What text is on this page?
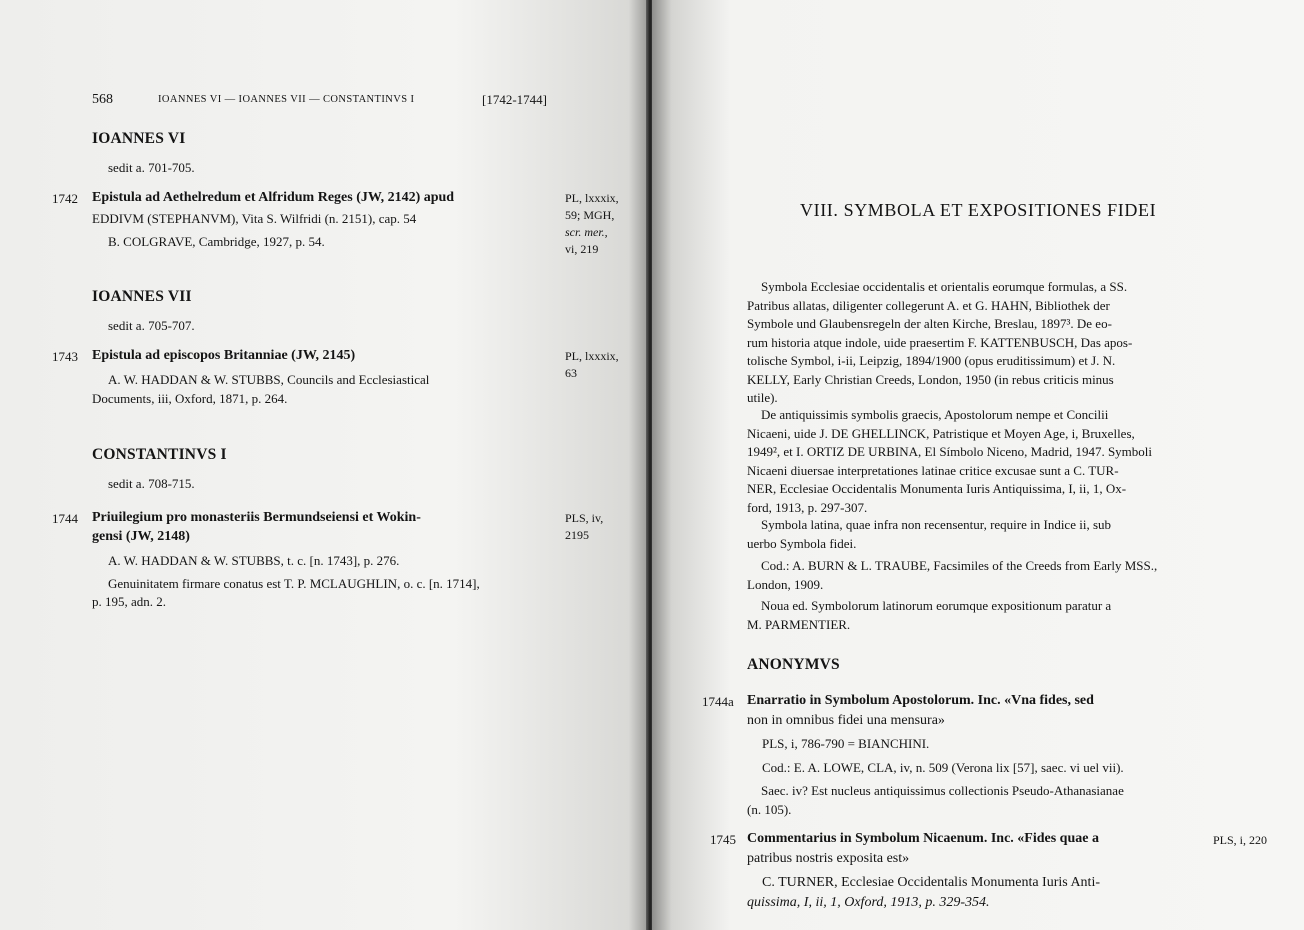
568	IOANNES VI — IOANNES VII — CONSTANTINVS I	[1742-1744]
IOANNES VI
sedit a. 701-705.
1742 Epistula ad Aethelredum et Alfridum Reges (JW, 2142) apud
EDDIVM (STEPHANVM), Vita S. Wilfridi (n. 2151), cap. 54
B. COLGRAVE, Cambridge, 1927, p. 54.
PL, lxxxix,
59; MGH,
scr. mer.,
vi, 219
IOANNES VII
sedit a. 705-707.
1743 Epistula ad episcopos Britanniae (JW, 2145)
A. W. HADDAN & W. STUBBS, Councils and Ecclesiastical
Documents, iii, Oxford, 1871, p. 264.
PL, lxxxix,
63
CONSTANTINVS I
sedit a. 708-715.
1744 Priuilegium pro monasteriis Bermundseiensi et Wokin-
gensi (JW, 2148)
A. W. HADDAN & W. STUBBS, t. c. [n. 1743], p. 276.
Genuinitatem firmare conatus est T. P. MCLAUGHLIN, o. c. [n. 1714],
p. 195, adn. 2.
PLS, iv,
2195
VIII. SYMBOLA ET EXPOSITIONES FIDEI
Symbola Ecclesiae occidentalis et orientalis eorumque formulas, a SS.
Patribus allatas, diligenter collegerunt A. et G. HAHN, Bibliothek der
Symbole und Glaubensregeln der alten Kirche, Breslau, 1897³. De eo-
rum historia atque indole, uide praesertim F. KATTENBUSCH, Das apos-
tolische Symbol, i-ii, Leipzig, 1894/1900 (opus eruditissimum) et J. N.
KELLY, Early Christian Creeds, London, 1950 (in rebus criticis minus
utile).
De antiquissimis symbolis graecis, Apostolorum nempe et Concilii
Nicaeni, uide J. DE GHELLINCK, Patristique et Moyen Age, i, Bruxelles,
1949², et I. ORTIZ DE URBINA, El Símbolo Niceno, Madrid, 1947. Symboli
Nicaeni diuersae interpretationes latinae critice excusae sunt a C. TUR-
NER, Ecclesiae Occidentalis Monumenta Iuris Antiquissima, I, ii, 1, Ox-
ford, 1913, p. 297-307.
Symbola latina, quae infra non recensentur, require in Indice ii, sub
uerbo Symbola fidei.
Cod.: A. BURN & L. TRAUBE, Facsimiles of the Creeds from Early MSS.,
London, 1909.
Noua ed. Symbolorum latinorum eorumque expositionum paratur a
M. PARMENTIER.
ANONYMVS
1744a Enarratio in Symbolum Apostolorum. Inc. «Vna fides, sed
non in omnibus fidei una mensura»
PLS, i, 786-790 = BIANCHINI.
Cod.: E. A. LOWE, CLA, iv, n. 509 (Verona lix [57], saec. vi uel vii).
Saec. iv? Est nucleus antiquissimus collectionis Pseudo-Athanasianae
(n. 105).
1745 Commentarius in Symbolum Nicaenum. Inc. «Fides quae a
patribus nostris exposita est»
C. TURNER, Ecclesiae Occidentalis Monumenta Iuris Anti-
quissima, I, ii, 1, Oxford, 1913, p. 329-354.
PLS, i, 220
